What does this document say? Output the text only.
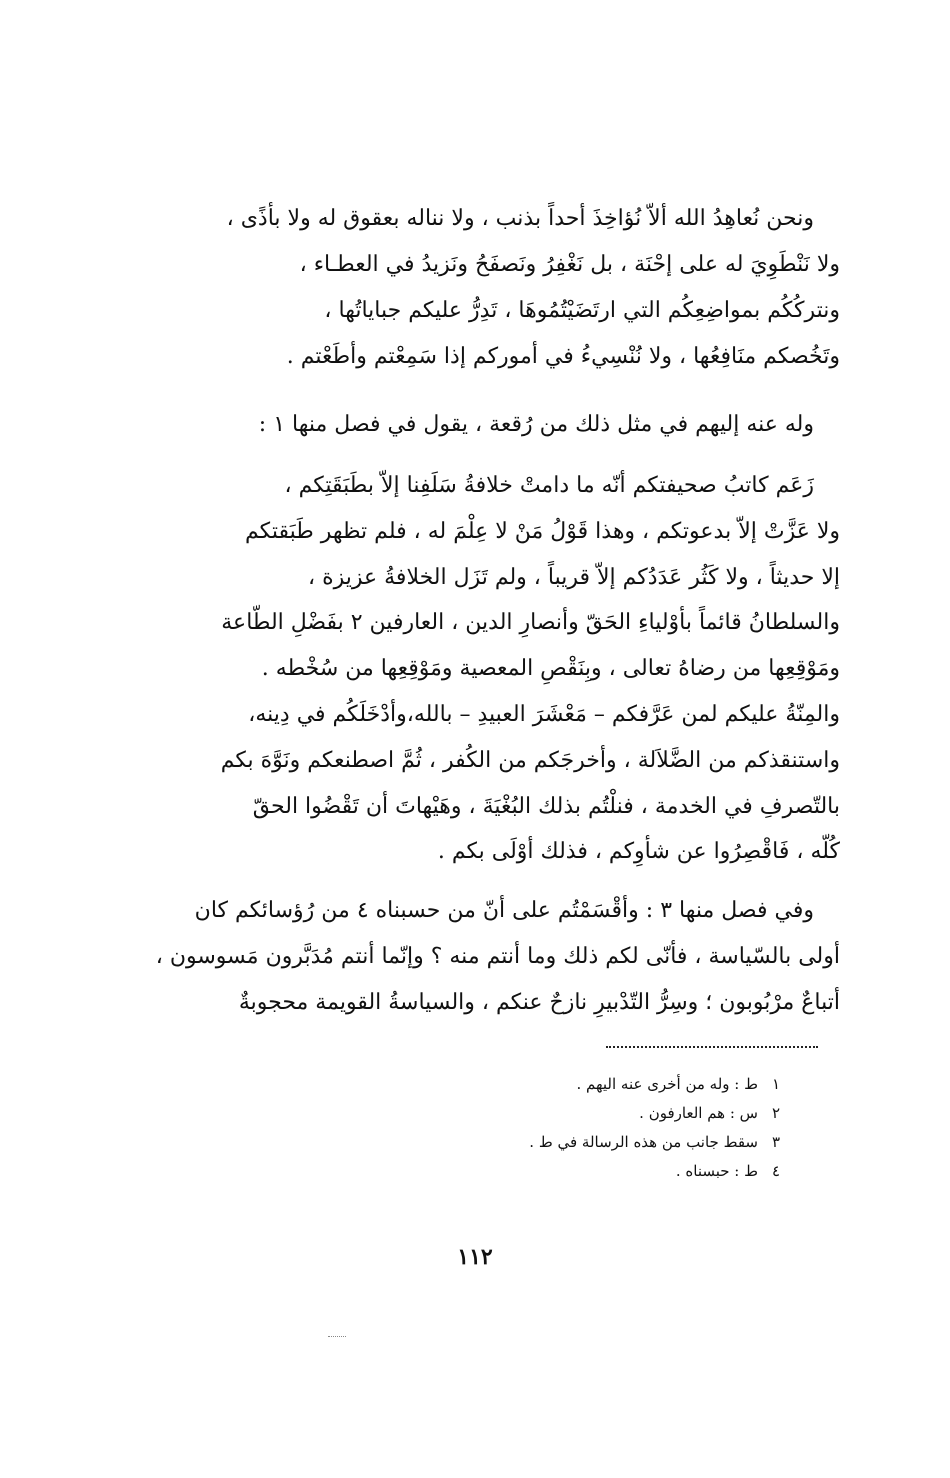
ونحن نُعاهِدُ الله ألاّ نُؤاخِذَ أحداً بذنب ، ولا نناله بعقوق له ولا بأذًى ،

ولا نَنْطَوِيَ له على إحْنَة ، بل نَغْفِرُ ونَصفَحُ ونَزيدُ في العطـاء ،

ونتركُكُم بمواضِعِكُم التي ارتَضَيْتُمُوهَا ، تَدِرُّ عليكم جباياتُها ،

وتَخُصكم منَافِعُها ، ولا نُنْسِيءُ في أموركم إذا سَمِعْتم وأطَعْتم .

وله عنه إليهم في مثل ذلك من رُقعة ، يقول في فصل منها ١ :

زَعَم كاتبُ صحيفتكم أنّه ما دامتْ خلافةُ سَلَفِنا إلاّ بطَبَقَتِكم ،

ولا عَزَّتْ إلاّ بدعوتكم ، وهذا قَوْلُ مَنْ لا عِلْمَ له ، فلم تظهر طَبَقتكم

إلا حديثاً ، ولا كَثُر عَدَدُكم إلاّ قريباً ، ولم تَزَل الخلافةُ عزيزة ،

والسلطانُ قائماً بأوْلياءِ الحَقّ وأنصارِ الدين ، العارفين ٢ بفَضْلِ الطّاعة

ومَوْقِعِها من رضاهُ تعالى ، وبِنَقْصِ المعصية ومَوْقِعِها من سُخْطه .

والمِنّةُ عليكم لمن عَرَّفكم – مَعْشَرَ العبيدِ – بالله،وأدْخَلَكُم في دِينه،

واستنقذكم من الضَّلاَلة ، وأخرجَكم من الكُفر ، ثُمَّ اصطنعكم ونَوَّهَ بكم

بالتّصرفِ في الخدمة ، فنلْتُم بذلك البُغْيَةَ ، وهَيْهاتَ أن تَقْضُوا الحقّ

كُلّه ، فَاقْصِرُوا عن شأوِكم ، فذلك أوْلَى بكم .

وفي فصل منها ٣ : وأقْسَمْتُم على أنّ من حسبناه ٤ من رُؤسائكم كان

أولى بالسّياسة ، فأنّى لكم ذلك وما أنتم منه ؟ وإنّما أنتم مُدَبَّرون مَسوسون ،

أتباعٌ مرْبُوبون ؛ وسِرُّ التّدْبيرِ نازحٌ عنكم ، والسياسةُ القويمة محجوبةٌ

١
ط : وله من أخرى عنه اليهم .
٢
س : هم العارفون .
٣
سقط جانب من هذه الرسالة في ط .
٤
ط : حبسناه .
١١٢
